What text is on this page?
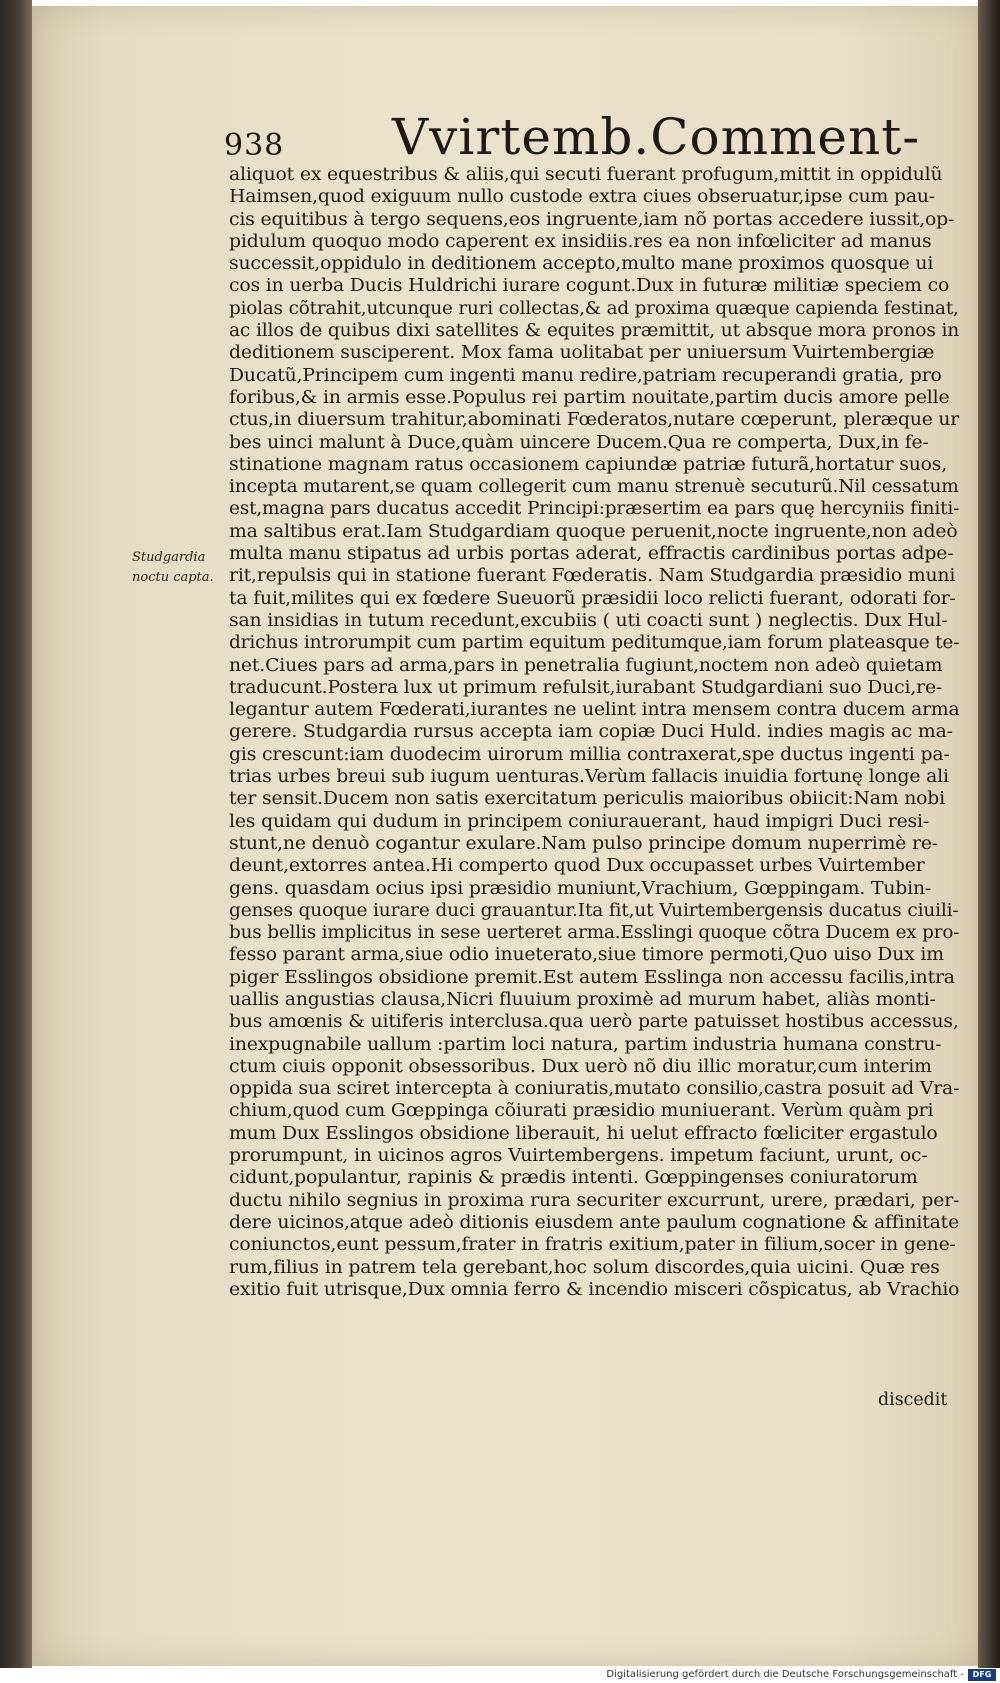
938 Vvirtemb.Comment-
Studgardia
noctu capta.
aliquot ex equestribus & aliis,qui secuti fuerant profugum,mittit in oppidulũ
Haimsen,quod exiguum nullo custode extra ciues obseruatur,ipse cum pau-
cis equitibus à tergo sequens,eos ingruente,iam nõ portas accedere iussit,op-
pidulum quoquo modo caperent ex insidiis.res ea non infœliciter ad manus
successit,oppidulo in deditionem accepto,multo mane proximos quosque ui
cos in uerba Ducis Huldrichi iurare cogunt.Dux in futuræ militiæ speciem co
piolas cõtrahit,utcunque ruri collectas,& ad proxima quæque capienda festinat,
ac illos de quibus dixi satellites & equites præmittit, ut absque mora pronos in
deditionem susciperent. Mox fama uolitabat per uniuersum Vuirtembergiæ
Ducatũ,Principem cum ingenti manu redire,patriam recuperandi gratia, pro
foribus,& in armis esse.Populus rei partim nouitate,partim ducis amore pelle
ctus,in diuersum trahitur,abominati Fœderatos,nutare cœperunt, pleræque ur
bes uinci malunt à Duce,quàm uincere Ducem.Qua re comperta, Dux,in fe-
stinatione magnam ratus occasionem capiundæ patriæ futurã,hortatur suos,
incepta mutarent,se quam collegerit cum manu strenuè secuturũ.Nil cessatum
est,magna pars ducatus accedit Principi:præsertim ea pars quę hercyniis finiti-
ma saltibus erat.Iam Studgardiam quoque peruenit,nocte ingruente,non adeò
multa manu stipatus ad urbis portas aderat, effractis cardinibus portas adpe-
rit,repulsis qui in statione fuerant Fœderatis. Nam Studgardia præsidio muni
ta fuit,milites qui ex fœdere Sueuorũ præsidii loco relicti fuerant, odorati for-
san insidias in tutum recedunt,excubiis ( uti coacti sunt ) neglectis. Dux Hul-
drichus introrumpit cum partim equitum peditumque,iam forum plateasque te-
net.Ciues pars ad arma,pars in penetralia fugiunt,noctem non adeò quietam
traducunt.Postera lux ut primum refulsit,iurabant Studgardiani suo Duci,re-
legantur autem Fœderati,iurantes ne uelint intra mensem contra ducem arma
gerere. Studgardia rursus accepta iam copiæ Duci Huld. indies magis ac ma-
gis crescunt:iam duodecim uirorum millia contraxerat,spe ductus ingenti pa-
trias urbes breui sub iugum uenturas.Verùm fallacis inuidia fortunę longe ali
ter sensit.Ducem non satis exercitatum periculis maioribus obiicit:Nam nobi
les quidam qui dudum in principem coniurauerant, haud impigri Duci resi-
stunt,ne denuò cogantur exulare.Nam pulso principe domum nuperrimè re-
deunt,extorres antea.Hi comperto quod Dux occupasset urbes Vuirtember
gens. quasdam ocius ipsi præsidio muniunt,Vrachium, Gœppingam. Tubin-
genses quoque iurare duci grauantur.Ita fit,ut Vuirtembergensis ducatus ciuili-
bus bellis implicitus in sese uerteret arma.Esslingi quoque cõtra Ducem ex pro-
fesso parant arma,siue odio inueterato,siue timore permoti,Quo uiso Dux im
piger Esslingos obsidione premit.Est autem Esslinga non accessu facilis,intra
uallis angustias clausa,Nicri fluuium proximè ad murum habet, aliàs monti-
bus amœnis & uitiferis interclusa.qua uerò parte patuisset hostibus accessus,
inexpugnabile uallum :partim loci natura, partim industria humana constru-
ctum ciuis opponit obsessoribus. Dux uerò nõ diu illic moratur,cum interim
oppida sua sciret intercepta à coniuratis,mutato consilio,castra posuit ad Vra-
chium,quod cum Gœppinga cõiurati præsidio muniuerant. Verùm quàm pri
mum Dux Esslingos obsidione liberauit, hi uelut effracto fœliciter ergastulo
prorumpunt, in uicinos agros Vuirtembergens. impetum faciunt, urunt, oc-
cidunt,populantur, rapinis & prædis intenti. Gœppingenses coniuratorum
ductu nihilo segnius in proxima rura securiter excurrunt, urere, prædari, per-
dere uicinos,atque adeò ditionis eiusdem ante paulum cognatione & affinitate
coniunctos,eunt pessum,frater in fratris exitium,pater in filium,socer in gene-
rum,filius in patrem tela gerebant,hoc solum discordes,quia uicini. Quæ res
exitio fuit utrisque,Dux omnia ferro & incendio misceri cõspicatus, ab Vrachio
discedit
Digitalisierung gefördert durch die Deutsche Forschungsgemeinschaft -	DFG
